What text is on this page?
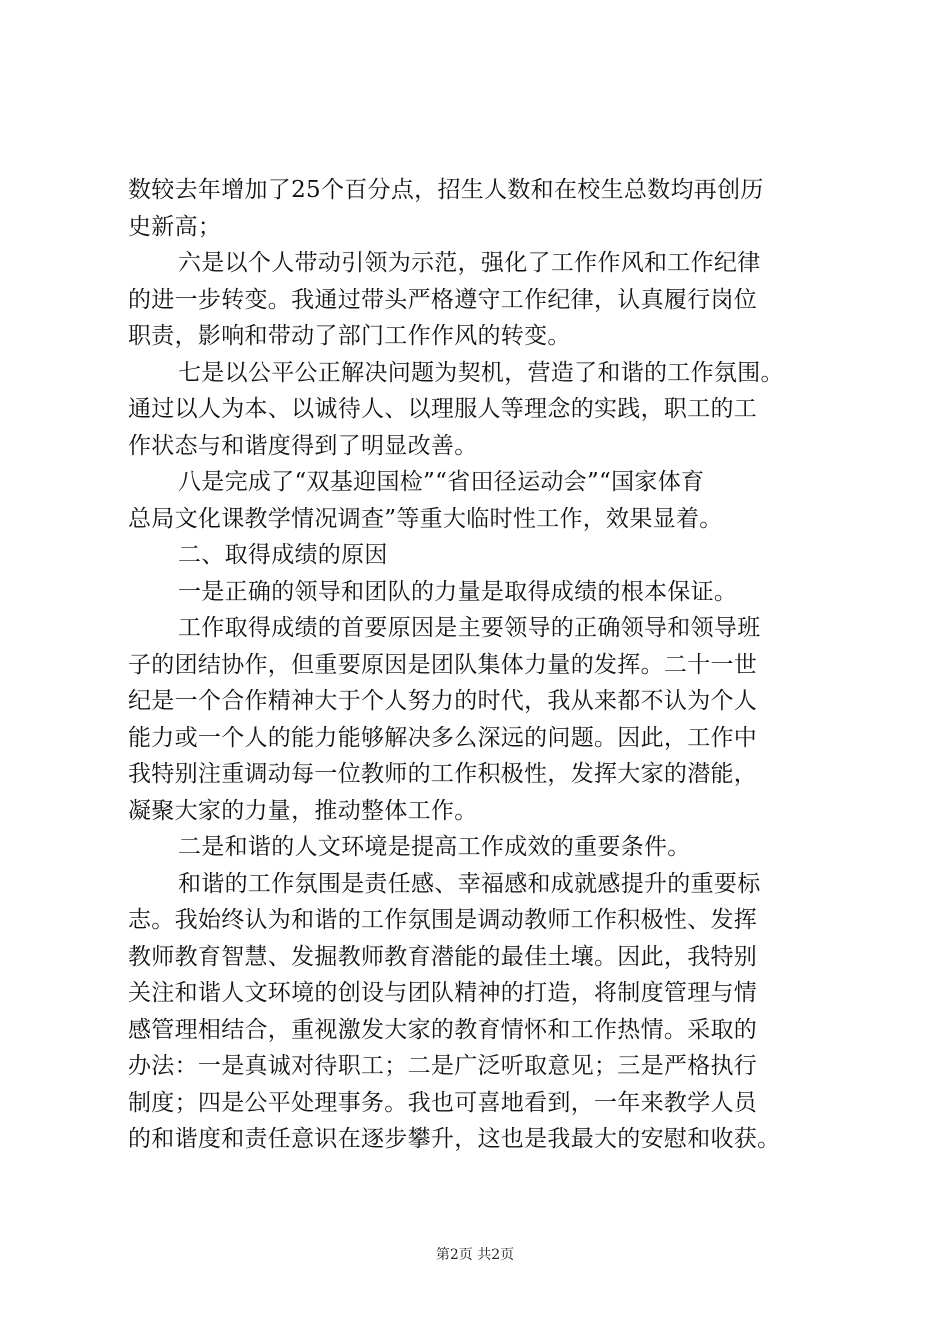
数较去年增加了25个百分点，招生人数和在校生总数均再创历
史新高；
六是以个人带动引领为示范，强化了工作作风和工作纪律
的进一步转变。我通过带头严格遵守工作纪律，认真履行岗位
职责，影响和带动了部门工作作风的转变。
七是以公平公正解决问题为契机，营造了和谐的工作氛围。
通过以人为本、以诚待人、以理服人等理念的实践，职工的工
作状态与和谐度得到了明显改善。
八是完成了“双基迎国检”“省田径运动会”“国家体育
总局文化课教学情况调查”等重大临时性工作，效果显着。
二、取得成绩的原因
一是正确的领导和团队的力量是取得成绩的根本保证。
工作取得成绩的首要原因是主要领导的正确领导和领导班
子的团结协作，但重要原因是团队集体力量的发挥。二十一世
纪是一个合作精神大于个人努力的时代，我从来都不认为个人
能力或一个人的能力能够解决多么深远的问题。因此，工作中
我特别注重调动每一位教师的工作积极性，发挥大家的潜能，
凝聚大家的力量，推动整体工作。
二是和谐的人文环境是提高工作成效的重要条件。
和谐的工作氛围是责任感、幸福感和成就感提升的重要标
志。我始终认为和谐的工作氛围是调动教师工作积极性、发挥
教师教育智慧、发掘教师教育潜能的最佳土壤。因此，我特别
关注和谐人文环境的创设与团队精神的打造，将制度管理与情
感管理相结合，重视激发大家的教育情怀和工作热情。采取的
办法：一是真诚对待职工；二是广泛听取意见；三是严格执行
制度；四是公平处理事务。我也可喜地看到，一年来教学人员
的和谐度和责任意识在逐步攀升，这也是我最大的安慰和收获。
第2页 共2页
